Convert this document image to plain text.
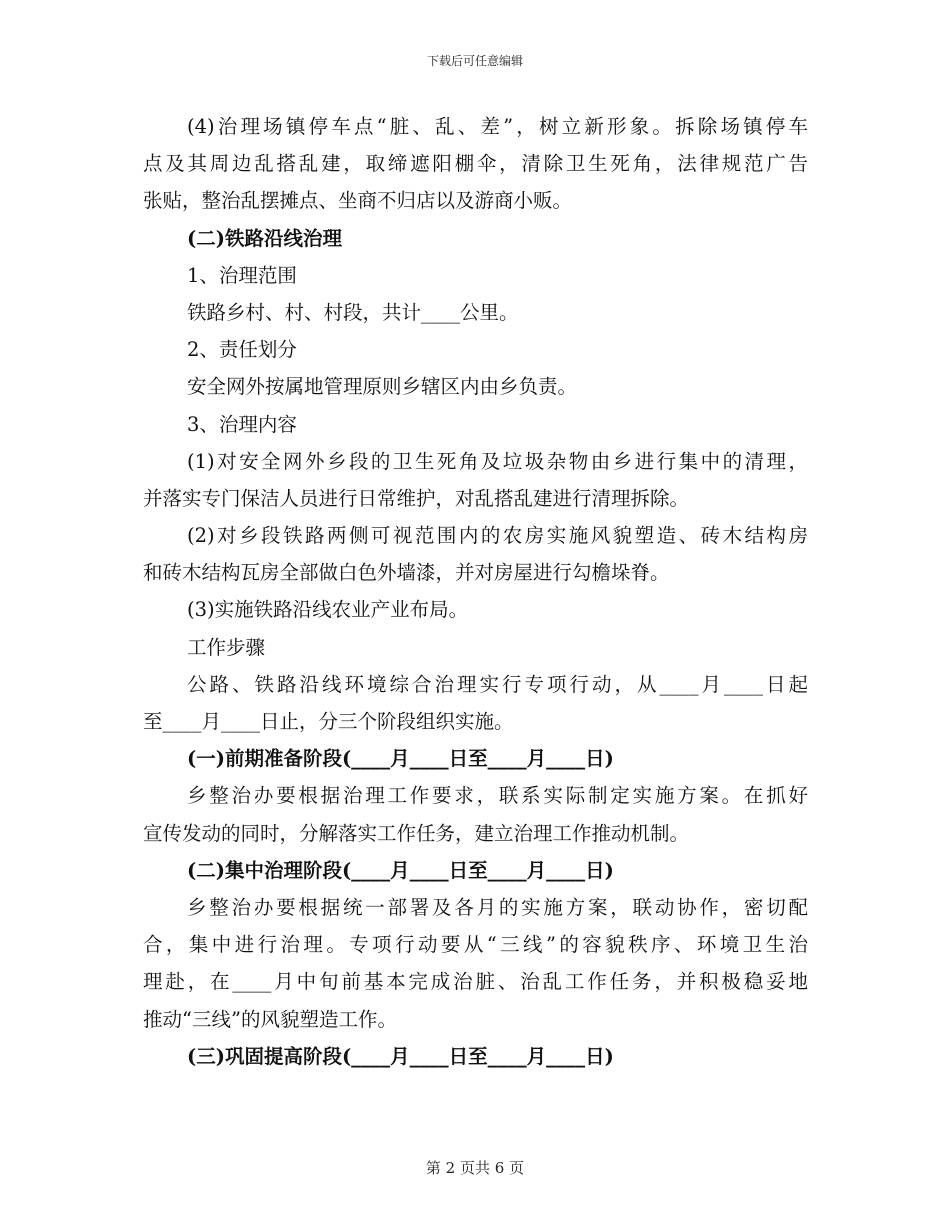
下载后可任意编辑
(4)治理场镇停车点“脏、乱、差”，树立新形象。拆除场镇停车
点及其周边乱搭乱建，取缔遮阳棚伞，清除卫生死角，法律规范广告
张贴，整治乱摆摊点、坐商不归店以及游商小贩。
(二)铁路沿线治理
1、治理范围
铁路乡村、村、村段，共计____公里。
2、责任划分
安全网外按属地管理原则乡辖区内由乡负责。
3、治理内容
(1)对安全网外乡段的卫生死角及垃圾杂物由乡进行集中的清理，
并落实专门保洁人员进行日常维护，对乱搭乱建进行清理拆除。
(2)对乡段铁路两侧可视范围内的农房实施风貌塑造、砖木结构房
和砖木结构瓦房全部做白色外墙漆，并对房屋进行勾檐垛脊。
(3)实施铁路沿线农业产业布局。
工作步骤
公路、铁路沿线环境综合治理实行专项行动，从____月____日起
至____月____日止，分三个阶段组织实施。
(一)前期准备阶段(____月____日至____月____日)
乡整治办要根据治理工作要求，联系实际制定实施方案。在抓好
宣传发动的同时，分解落实工作任务，建立治理工作推动机制。
(二)集中治理阶段(____月____日至____月____日)
乡整治办要根据统一部署及各月的实施方案，联动协作，密切配
合，集中进行治理。专项行动要从“三线”的容貌秩序、环境卫生治
理赴，在____月中旬前基本完成治脏、治乱工作任务，并积极稳妥地
推动“三线”的风貌塑造工作。
(三)巩固提高阶段(____月____日至____月____日)
第 2 页共 6 页
